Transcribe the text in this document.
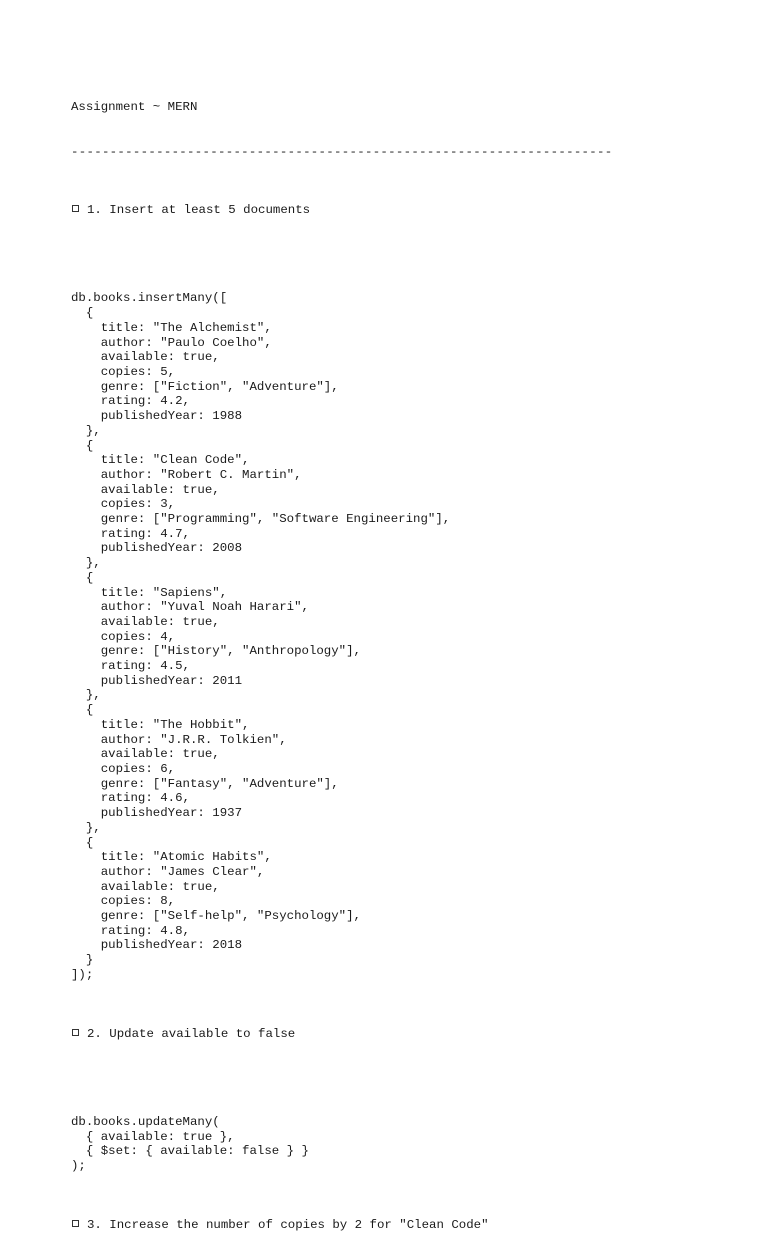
Assignment ~ MERN

----------------------------------------------------------------------

1. Insert at least 5 documents

db.books.insertMany([
{
title: "The Alchemist",
author: "Paulo Coelho",
available: true,
copies: 5,
genre: ["Fiction", "Adventure"],
rating: 4.2,
publishedYear: 1988
},
{
title: "Clean Code",
author: "Robert C. Martin",
available: true,
copies: 3,
genre: ["Programming", "Software Engineering"],
rating: 4.7,
publishedYear: 2008
},
{
title: "Sapiens",
author: "Yuval Noah Harari",
available: true,
copies: 4,
genre: ["History", "Anthropology"],
rating: 4.5,
publishedYear: 2011
},
{
title: "The Hobbit",
author: "J.R.R. Tolkien",
available: true,
copies: 6,
genre: ["Fantasy", "Adventure"],
rating: 4.6,
publishedYear: 1937
},
{
title: "Atomic Habits",
author: "James Clear",
available: true,
copies: 8,
genre: ["Self-help", "Psychology"],
rating: 4.8,
publishedYear: 2018
}
]);

2. Update available to false

db.books.updateMany(
{ available: true },
{ $set: { available: false } }
);

3. Increase the number of copies by 2 for "Clean Code"
